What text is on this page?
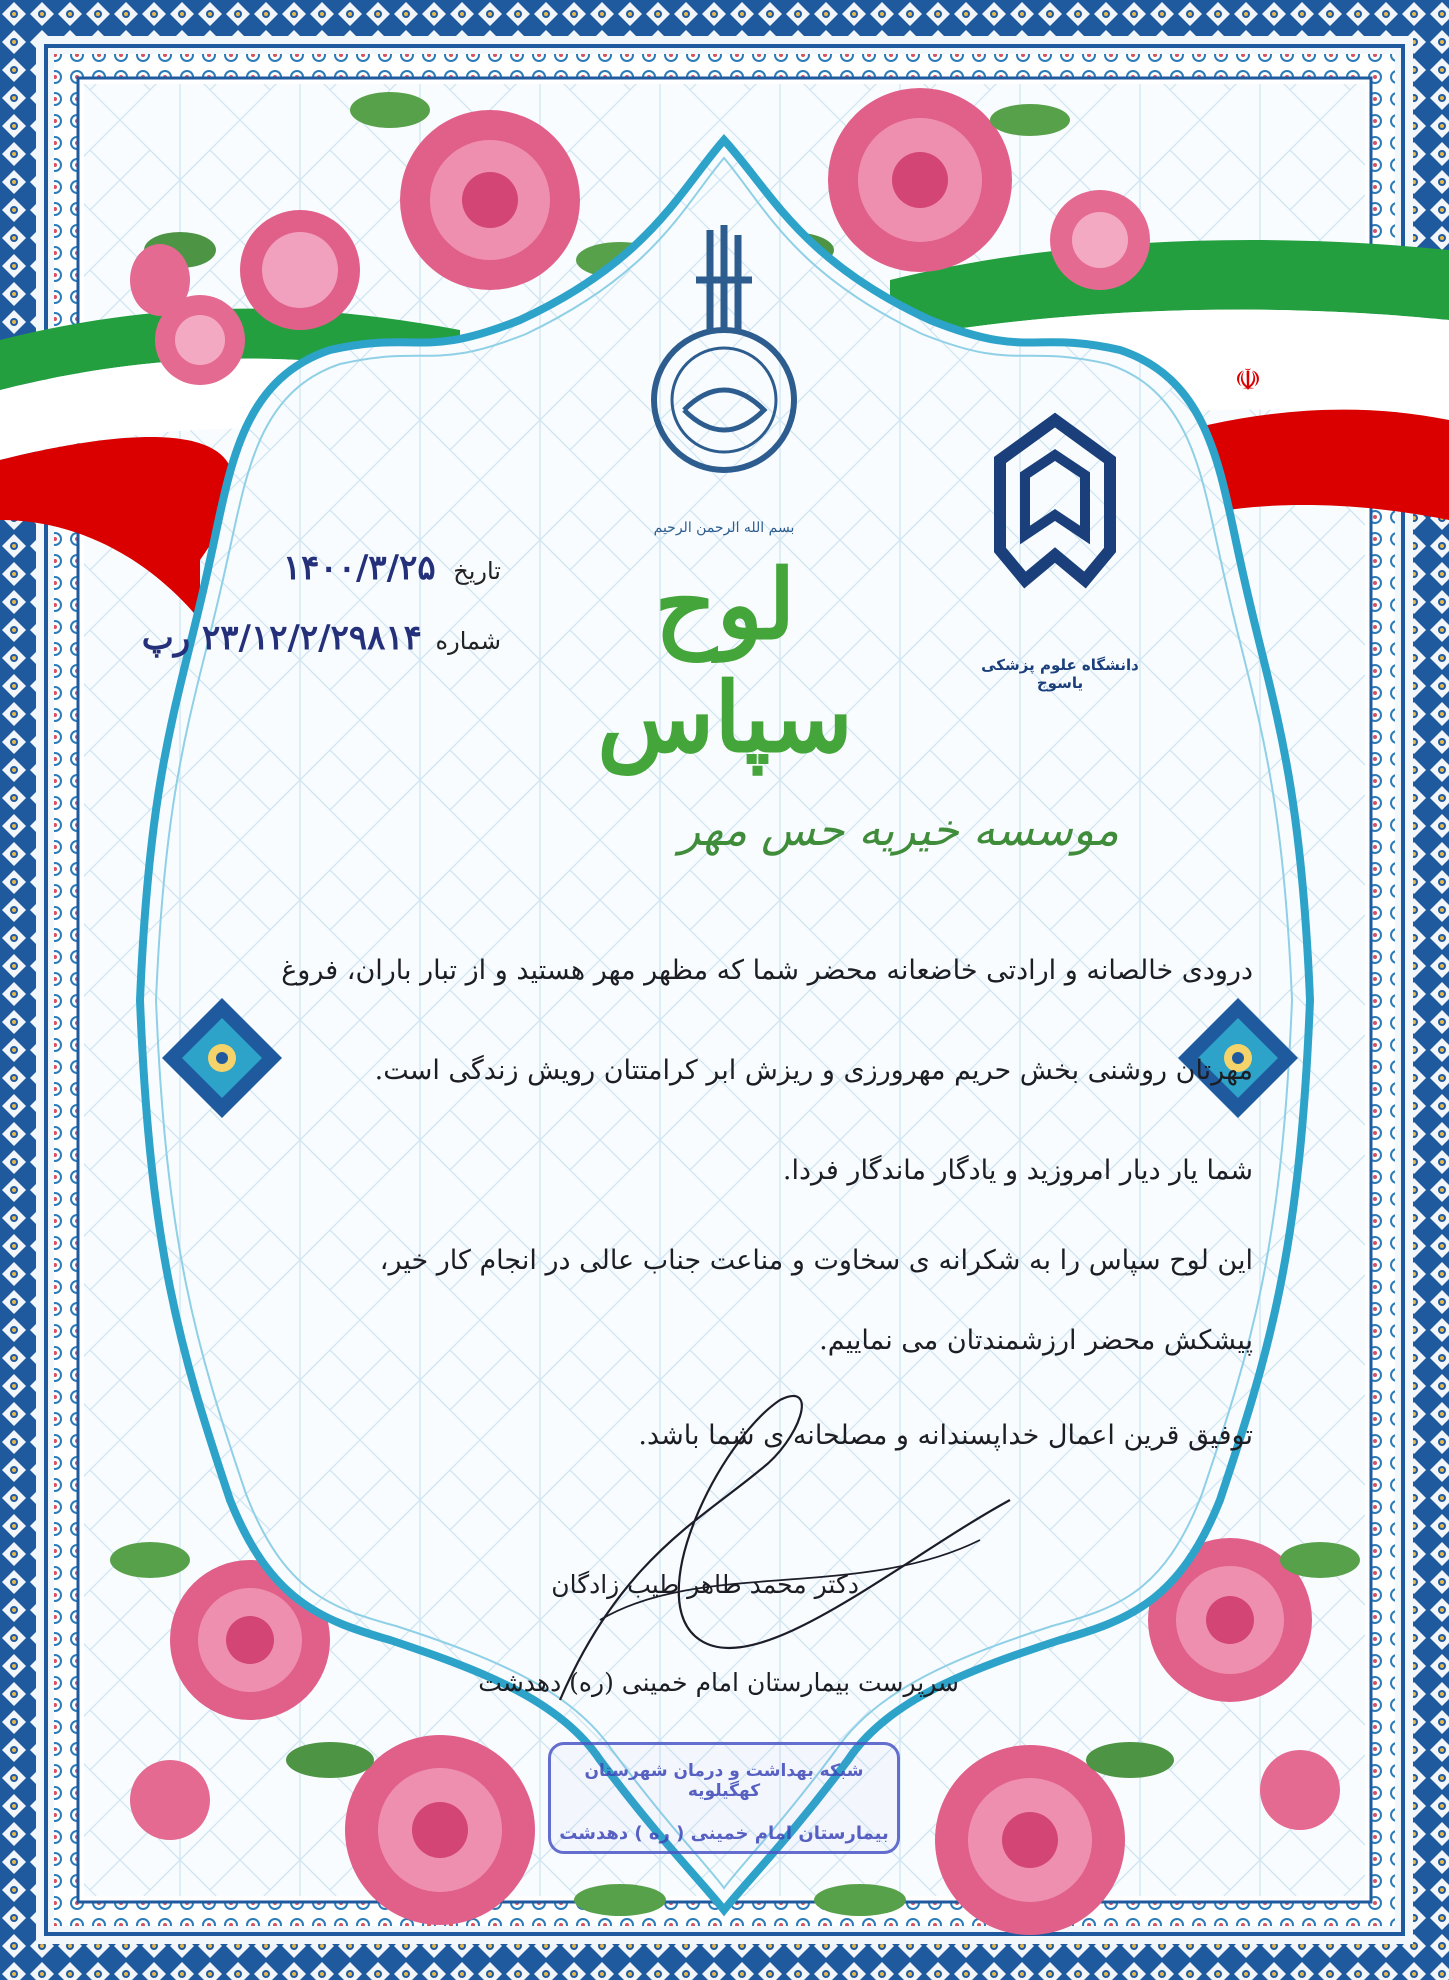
☫
☫
تاریخ ۱۴۰۰/۳/۲۵
شماره ۲۳/۱۲/۲/۲۹۸۱۴ رپ
بسم الله الرحمن الرحیم
دانشگاه علوم پزشکی یاسوج
لوح سپاس
موسسه خیریه حس مهر
درودی خالصانه و ارادتی خاضعانه محضر شما که مظهر مهر هستید و از تبار باران، فروغ
مهرتان روشنی بخش حریم مهرورزی و ریزش ابر کرامتتان رویش زندگی است.
شما یار دیار امروزید و یادگار ماندگار فردا.
این لوح سپاس را به شکرانه ی سخاوت و مناعت جناب عالی در انجام کار خیر،
پیشکش محضر ارزشمندتان می نماییم.
توفیق قرین اعمال خداپسندانه و مصلحانه ی شما باشد.
دکتر محمد طاهر طیب زادگان
سرپرست بیمارستان امام خمینی (ره) دهدشت
شبکه بهداشت و درمان شهرستان کهگیلویه
بیمارستان امام خمینی ( ره ) دهدشت
